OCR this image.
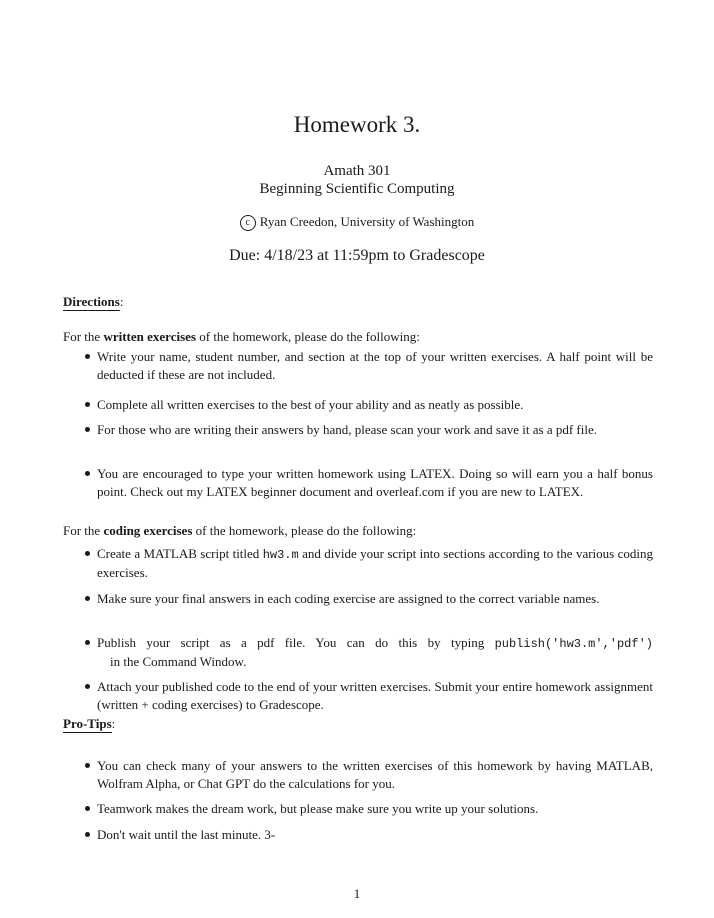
Homework 3.
Amath 301
Beginning Scientific Computing
c Ryan Creedon, University of Washington
Due: 4/18/23 at 11:59pm to Gradescope
Directions:
For the written exercises of the homework, please do the following:
Write your name, student number, and section at the top of your written exercises. A half point will be deducted if these are not included.
Complete all written exercises to the best of your ability and as neatly as possible.
For those who are writing their answers by hand, please scan your work and save it as a pdf file.
You are encouraged to type your written homework using LATEX. Doing so will earn you a half bonus point. Check out my LATEX beginner document and overleaf.com if you are new to LATEX.
For the coding exercises of the homework, please do the following:
Create a MATLAB script titled hw3.m and divide your script into sections according to the various coding exercises.
Make sure your final answers in each coding exercise are assigned to the correct variable names.
Publish your script as a pdf file. You can do this by typing publish('hw3.m','pdf')    in the Command Window.
Attach your published code to the end of your written exercises. Submit your entire homework assignment (written + coding exercises) to Gradescope.
Pro-Tips:
You can check many of your answers to the written exercises of this homework by having MATLAB, Wolfram Alpha, or Chat GPT do the calculations for you.
Teamwork makes the dream work, but please make sure you write up your solutions.
Don't wait until the last minute. 3-
1
